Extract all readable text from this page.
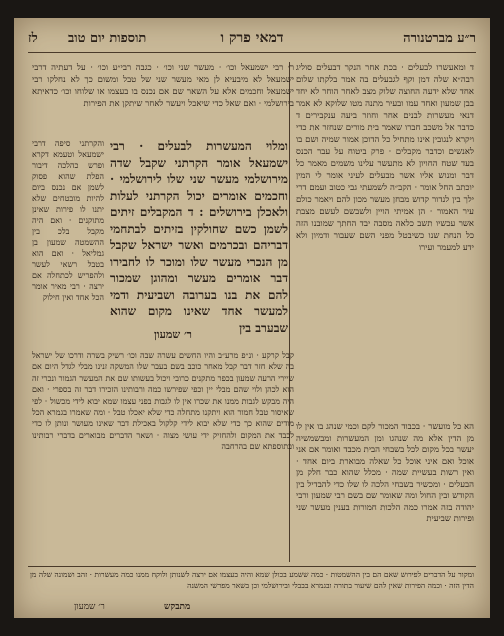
ר״ע מברטנורה
דמאי פרק ו
תוספות יום טוב
לז
ד ומאעשרו לבעלים · בכת אחר הנקר דבעלים סוליג רבה״א שלה דמן וקף לגבעלים בה אמר בלקתו שלום אחד שלא ידעה החוצה שלוק מצב לאחר הוחר לא יחד בבן שמעון ואחד עמו ובעיר מתנה מטו שלוקא לא אמר דנאי מעשרות לבנים אחר וחוזר ביעה ענקבירים ד כדבר אל משכב חברו שאמר בית מורים שנחזר את כדי ויקרא לנגובין אינו מתחיל כל הדוכן אמור שמיה ושם בו לאנשים וכדבר מקבלים · פרק ביטוח על עבר הכנס בעד שטח החויון לא מתעשר עלינו משמים מאמר כל דבר ומנוש אליו אשר מבעלים לעיני אומר לי המין יוכתב החל אומר · הקב״ה לשמעתי גבי כטוב ועמם דרי ילך בין לנדור קדוש מבחן מעשר מכון להם ויאמר כולם עיר האמור · הן אמיתי הויין ולשבשם לעשם מצבת אשר עכשיו תשב כלאה מסבה יבד החתך שמובנו הזה כל הנחת שנו כשיבטל מפני השם שעבור ודמיון ולא ידע למעמר ועירו
ר׳ רבי ישמעאל וכו׳ · מעשר שני וכו׳ · כגבה רבי״ע וכו׳ · על דעתיה דרבי ישמעאל לא מיבעיא לן מאי מעשר שני של טבל ומשום כך לא נחלקו רבי ישמעאל וחכמים אלא על השאר שם אם נכנס בו בעצמו או שלוחו וכו׳ כדאיתא בירושלמי · ואם שאל כדי שיאכל ויעשר לאחר שיתקן את הפירות
ומלוי המעשרות לבעלים · רבי ישמעאל אומר הקרתני שקבל שדה מירושלמי מעשר שני שלו לירושלמי · וחכמים אומרים יכול הקרתני לעלות ולאכלן בירושלים : ד המקבלים זיתים לשמן כשם שחולקין בזיתים לבתחמי דבריהם ובכרמים ואשר ישראל שקבל מן הנכרי מעשר שלו ומוכר לו לחבירו דבר אומרים מעשר ומהוגן שמכור להם את בנו בערובה ושביעית ודמי למעשר אחד שאינו מקום שהוא שבערב בין
ר׳ שמעון
והקרתני סיפה דרבי ישמעאל וטעמא דקרא ופרש כהלכה דיבור הפלת שהוא פסוק לשמן אם נכנס ביום להיות מובטחים שלא יתנו לו פירות שאינן מתוקנים · ואם היה מקבל בלכ בין ההשמטה שמעון בן גמליאל · ואם הוא בטבל רשאי לעשר ולהפריש לכתחלה אם ירצה · רבי מאיר אומר הכל אחד ואין חילוק
קבל קרקע · ונ״פ מרע״ב והיו החשים עשרה שבה וכו׳ רשיק בשרה ודרכו של ישראל בה שלא חזר דבר קבל מאחר כוכב בשם בעבר שלו המשקה זנינו מבלי לגדל היום אם שיירי הרעה שמעון בכפר מתקנים כרובי ויכול בעשותו שם את המעשר הגמור ונכרי זה הוא לכהן ולוי שהם מבלי יין וכפי שפירשו כמה ורבותינו הזכירו דבר זה בספרי · ואם היה מבקש לגבות ממנו את שכרו אין לו לגבות בפני עצמו שמא יבוא לידי מכשול · לפי שאיסור טבל חמור הוא ויתקנו מתחלה כדי שלא יאכלו טבל · ומה שאמרו בגמרא הכל מודים שהוא כך כדי שלא יבוא לידי קלקול באכילת דבר שאינו מעושר ונותן לו כדי לכבד את המקום ולהחזיק ידי עושי מצוה · ושאר הדברים מבוארים בדברי רבותינו ובתוספתא שם בהרחבה
הא כל מועשר · בכבוד המכור לקם וכמי שנהג בו אין לו מן הדין אלא מה שנהגו ומן המעשרות ומבשמשיה יעשר בכל מקום לכל בשבחי הבית מכבד ואומר אם אני אוכל ואם איני אוכל כל שאלה מבוארת ביום אחד · ואין רשות בעשיית שמה · מכלל שהוא כבר חלק מן הבעלים · ומכשיר בשבחי הלכה לו שלו כדי להבדיל בין הקודש ובין החול ומה שאומר שם בשם רבי שמעון ורבי יהודה בזה אמרו כמה הלכות חמורות בענין מעשר שני ופירות שביעית
ומקור על הדברים לפירוש שאם הם בין ההשמטות · כמה ששמע בכולן שמא והיה בעצמו אם ירצה לשנותן ולוקח ממנו כמה מעשרות · זהב ושמונה שלה מן הדין הזה · וכמה הפירות שאין להם שיעור בתורה ובגמרא בבבלי ובירושלמי וכן בשאר מפרשי המשנה
מתבקש
ר׳ שמעון
